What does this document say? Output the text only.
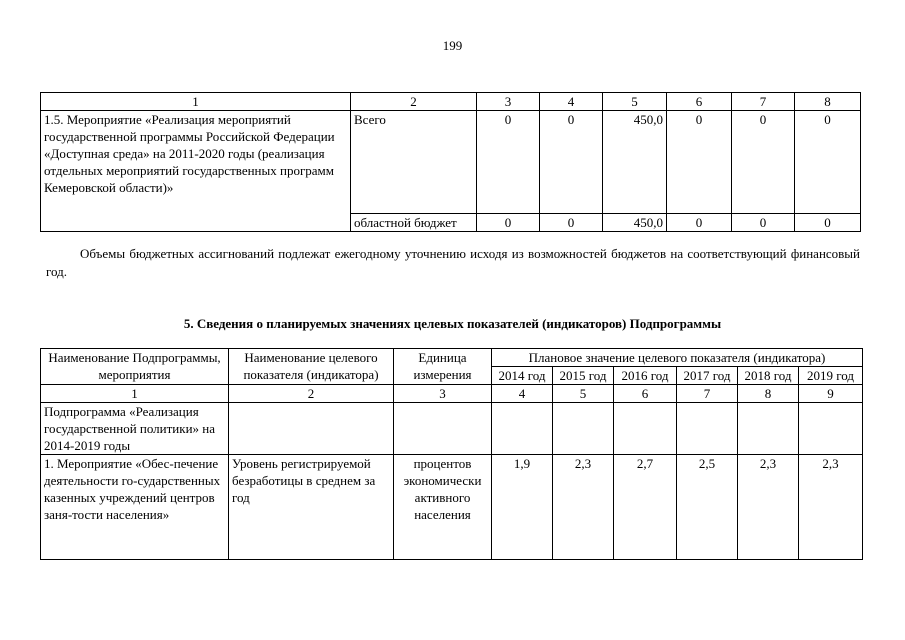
199
1	2	3	4	5	6	7	8
1.5. Мероприятие «Реализация мероприятий государственной программы Российской Федерации «Доступная среда» на 2011-2020 годы (реализация отдельных мероприятий государственных программ Кемеровской области)»	Всего	0	0	450,0	0	0	0
	областной бюджет	0	0	450,0	0	0	0
Объемы бюджетных ассигнований подлежат ежегодному уточнению исходя из возможностей бюджетов на соответствующий финансовый год.
5. Сведения о планируемых значениях целевых показателей (индикаторов) Подпрограммы
Наименование Подпрограммы, мероприятия	Наименование целевого показателя (индикатора)	Единица измерения	Плановое значение целевого показателя (индикатора)					
			2014 год	2015 год	2016 год	2017 год	2018 год	2019 год
1	2	3	4	5	6	7	8	9
Подпрограмма «Реализация государственной политики» на 2014-2019 годы								
1. Мероприятие «Обес-печение деятельности го-сударственных казенных учреждений центров заня-тости населения»	Уровень регистрируемой безработицы в среднем за год	процентов экономически активного населения	1,9	2,3	2,7	2,5	2,3	2,3
